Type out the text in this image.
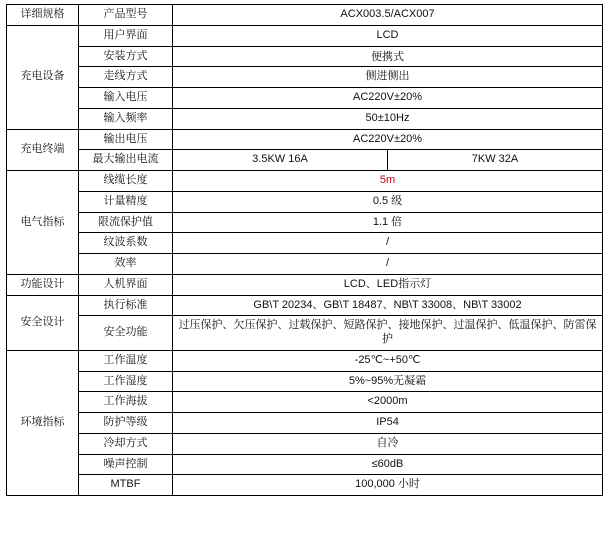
详细规格	产品型号	ACX003.5/ACX007	
充电设备	用户界面	LCD	
	安装方式	便携式	
	走线方式	侧进侧出	
	输入电压	AC220V±20%	
	输入频率	50±10Hz	
充电终端	输出电压	AC220V±20%	
	最大输出电流	3.5KW 16A	7KW 32A
电气指标	线缆长度	5m	
	计量精度	0.5 级	
	限流保护值	1.1 倍	
	纹波系数	/	
	效率	/	
功能设计	人机界面	LCD、LED指示灯	
安全设计	执行标准	GB\T 20234、GB\T 18487、NB\T 33008、NB\T 33002	
	安全功能	过压保护、欠压保护、过载保护、短路保护、接地保护、过温保护、低温保护、防雷保护	
环境指标	工作温度	-25℃~+50℃	
	工作湿度	5%~95%无凝霜	
	工作海拔	<2000m	
	防护等级	IP54	
	冷却方式	自冷	
	噪声控制	≤60dB	
	MTBF	100,000 小时	
